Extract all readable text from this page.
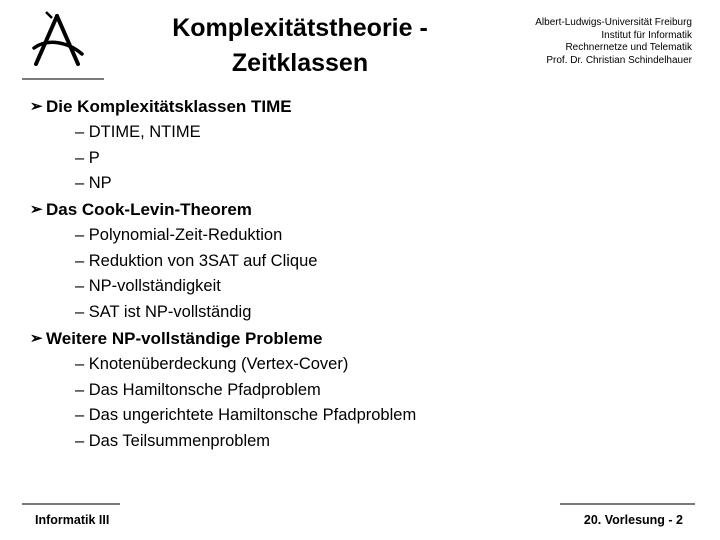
Komplexitätstheorie -
Zeitklassen
Albert-Ludwigs-Universität Freiburg
Institut für Informatik
Rechnernetze und Telematik
Prof. Dr. Christian Schindelhauer
➢ Die Komplexitätsklassen TIME
– DTIME, NTIME
– P
– NP
➢ Das Cook-Levin-Theorem
– Polynomial-Zeit-Reduktion
– Reduktion von 3SAT auf Clique
– NP-vollständigkeit
– SAT ist NP-vollständig
➢ Weitere NP-vollständige Probleme
– Knotenüberdeckung (Vertex-Cover)
– Das Hamiltonsche Pfadproblem
– Das ungerichtete Hamiltonsche Pfadproblem
– Das Teilsummenproblem
Informatik III	20. Vorlesung - 2
